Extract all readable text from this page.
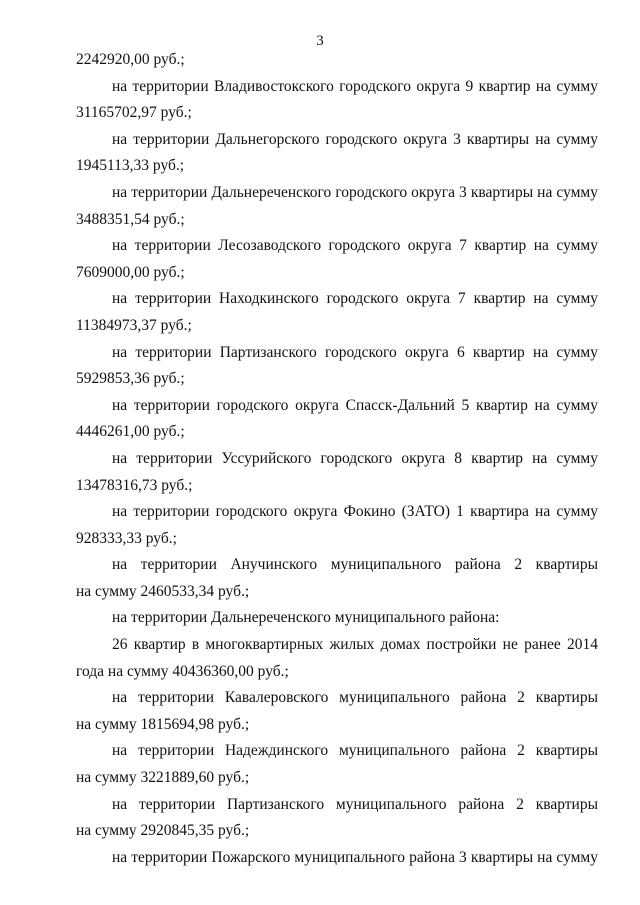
3

2242920,00 руб.;

на территории Владивостокского городского округа 9 квартир на сумму
31165702,97 руб.;

на территории Дальнегорского городского округа 3 квартиры на сумму
1945113,33 руб.;

на территории Дальнереченского городского округа 3 квартиры на сумму
3488351,54 руб.;

на территории Лесозаводского городского округа 7 квартир на сумму
7609000,00 руб.;

на территории Находкинского городского округа 7 квартир на сумму
11384973,37 руб.;

на территории Партизанского городского округа 6 квартир на сумму
5929853,36 руб.;

на территории городского округа Спасск-Дальний 5 квартир на сумму
4446261,00 руб.;

на территории Уссурийского городского округа 8 квартир на сумму
13478316,73 руб.;

на территории городского округа Фокино (ЗАТО) 1 квартира на сумму
928333,33 руб.;

на территории Анучинского муниципального района 2 квартиры
на сумму 2460533,34 руб.;

на территории Дальнереченского муниципального района:

26 квартир в многоквартирных жилых домах постройки не ранее 2014
года на сумму 40436360,00 руб.;

на территории Кавалеровского муниципального района 2 квартиры
на сумму 1815694,98 руб.;

на территории Надеждинского муниципального района 2 квартиры
на сумму 3221889,60 руб.;

на территории Партизанского муниципального района 2 квартиры
на сумму 2920845,35 руб.;

на территории Пожарского муниципального района 3 квартиры на сумму
